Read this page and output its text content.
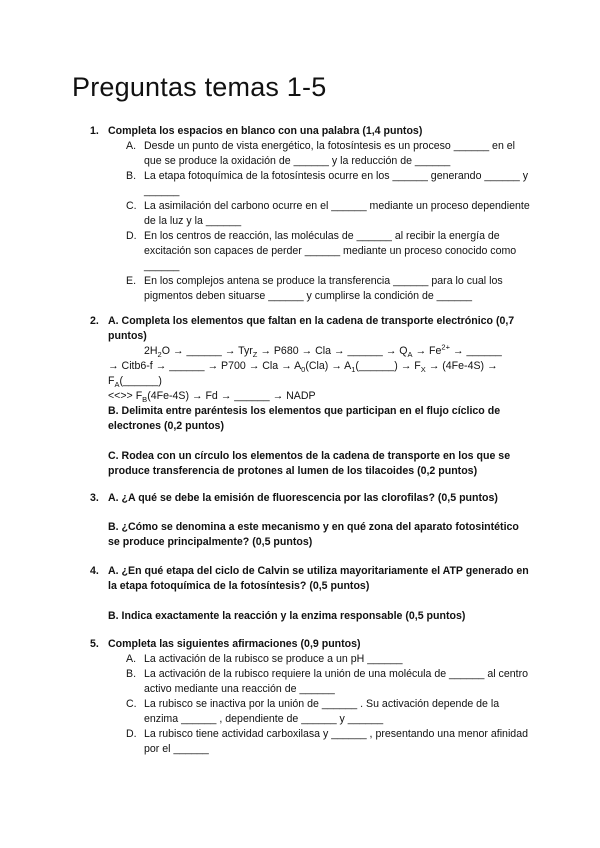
Preguntas temas 1-5
1. Completa los espacios en blanco con una palabra (1,4 puntos)
A. Desde un punto de vista energético, la fotosíntesis es un proceso ______ en el que se produce la oxidación de ______ y la reducción de ______
B. La etapa fotoquímica de la fotosíntesis ocurre en los ______ generando ______ y ______
C. La asimilación del carbono ocurre en el ______ mediante un proceso dependiente de la luz y la ______
D. En los centros de reacción, las moléculas de ______ al recibir la energía de excitación son capaces de perder ______ mediante un proceso conocido como ______
E. En los complejos antena se produce la transferencia ______ para lo cual los pigmentos deben situarse ______ y cumplirse la condición de ______
2. A. Completa los elementos que faltan en la cadena de transporte electrónico (0,7 puntos)
$2H_2O$ → ______ → Tyr$_Z$ → P680 → Cla → ______ → $Q_A \to Fe^{2+}$ → ______
→ Citb6-f → ______ → P700 → Cla → $A_0(Cla)$ → $A_1(\_\_\_\_\_\_) \to F_X \to (4Fe-4S)$ → $F_A(\_\_\_\_\_\_)$
<<>> $F_B(4Fe-4S) \to Fd$ → ______ → NADP
B. Delimita entre paréntesis los elementos que participan en el flujo cíclico de electrones (0,2 puntos)
C. Rodea con un círculo los elementos de la cadena de transporte en los que se produce transferencia de protones al lumen de los tilacoides (0,2 puntos)
3. A. ¿A qué se debe la emisión de fluorescencia por las clorofilas? (0,5 puntos)
B. ¿Cómo se denomina a este mecanismo y en qué zona del aparato fotosintético se produce principalmente? (0,5 puntos)
4. A. ¿En qué etapa del ciclo de Calvin se utiliza mayoritariamente el ATP generado en la etapa fotoquímica de la fotosíntesis? (0,5 puntos)
B. Indica exactamente la reacción y la enzima responsable (0,5 puntos)
5. Completa las siguientes afirmaciones (0,9 puntos)
A. La activación de la rubisco se produce a un pH ______
B. La activación de la rubisco requiere la unión de una molécula de ______ al centro activo mediante una reacción de ______
C. La rubisco se inactiva por la unión de ______ . Su activación depende de la enzima ______ , dependiente de ______ y ______
D. La rubisco tiene actividad carboxilasa y ______ , presentando una menor afinidad por el ______
